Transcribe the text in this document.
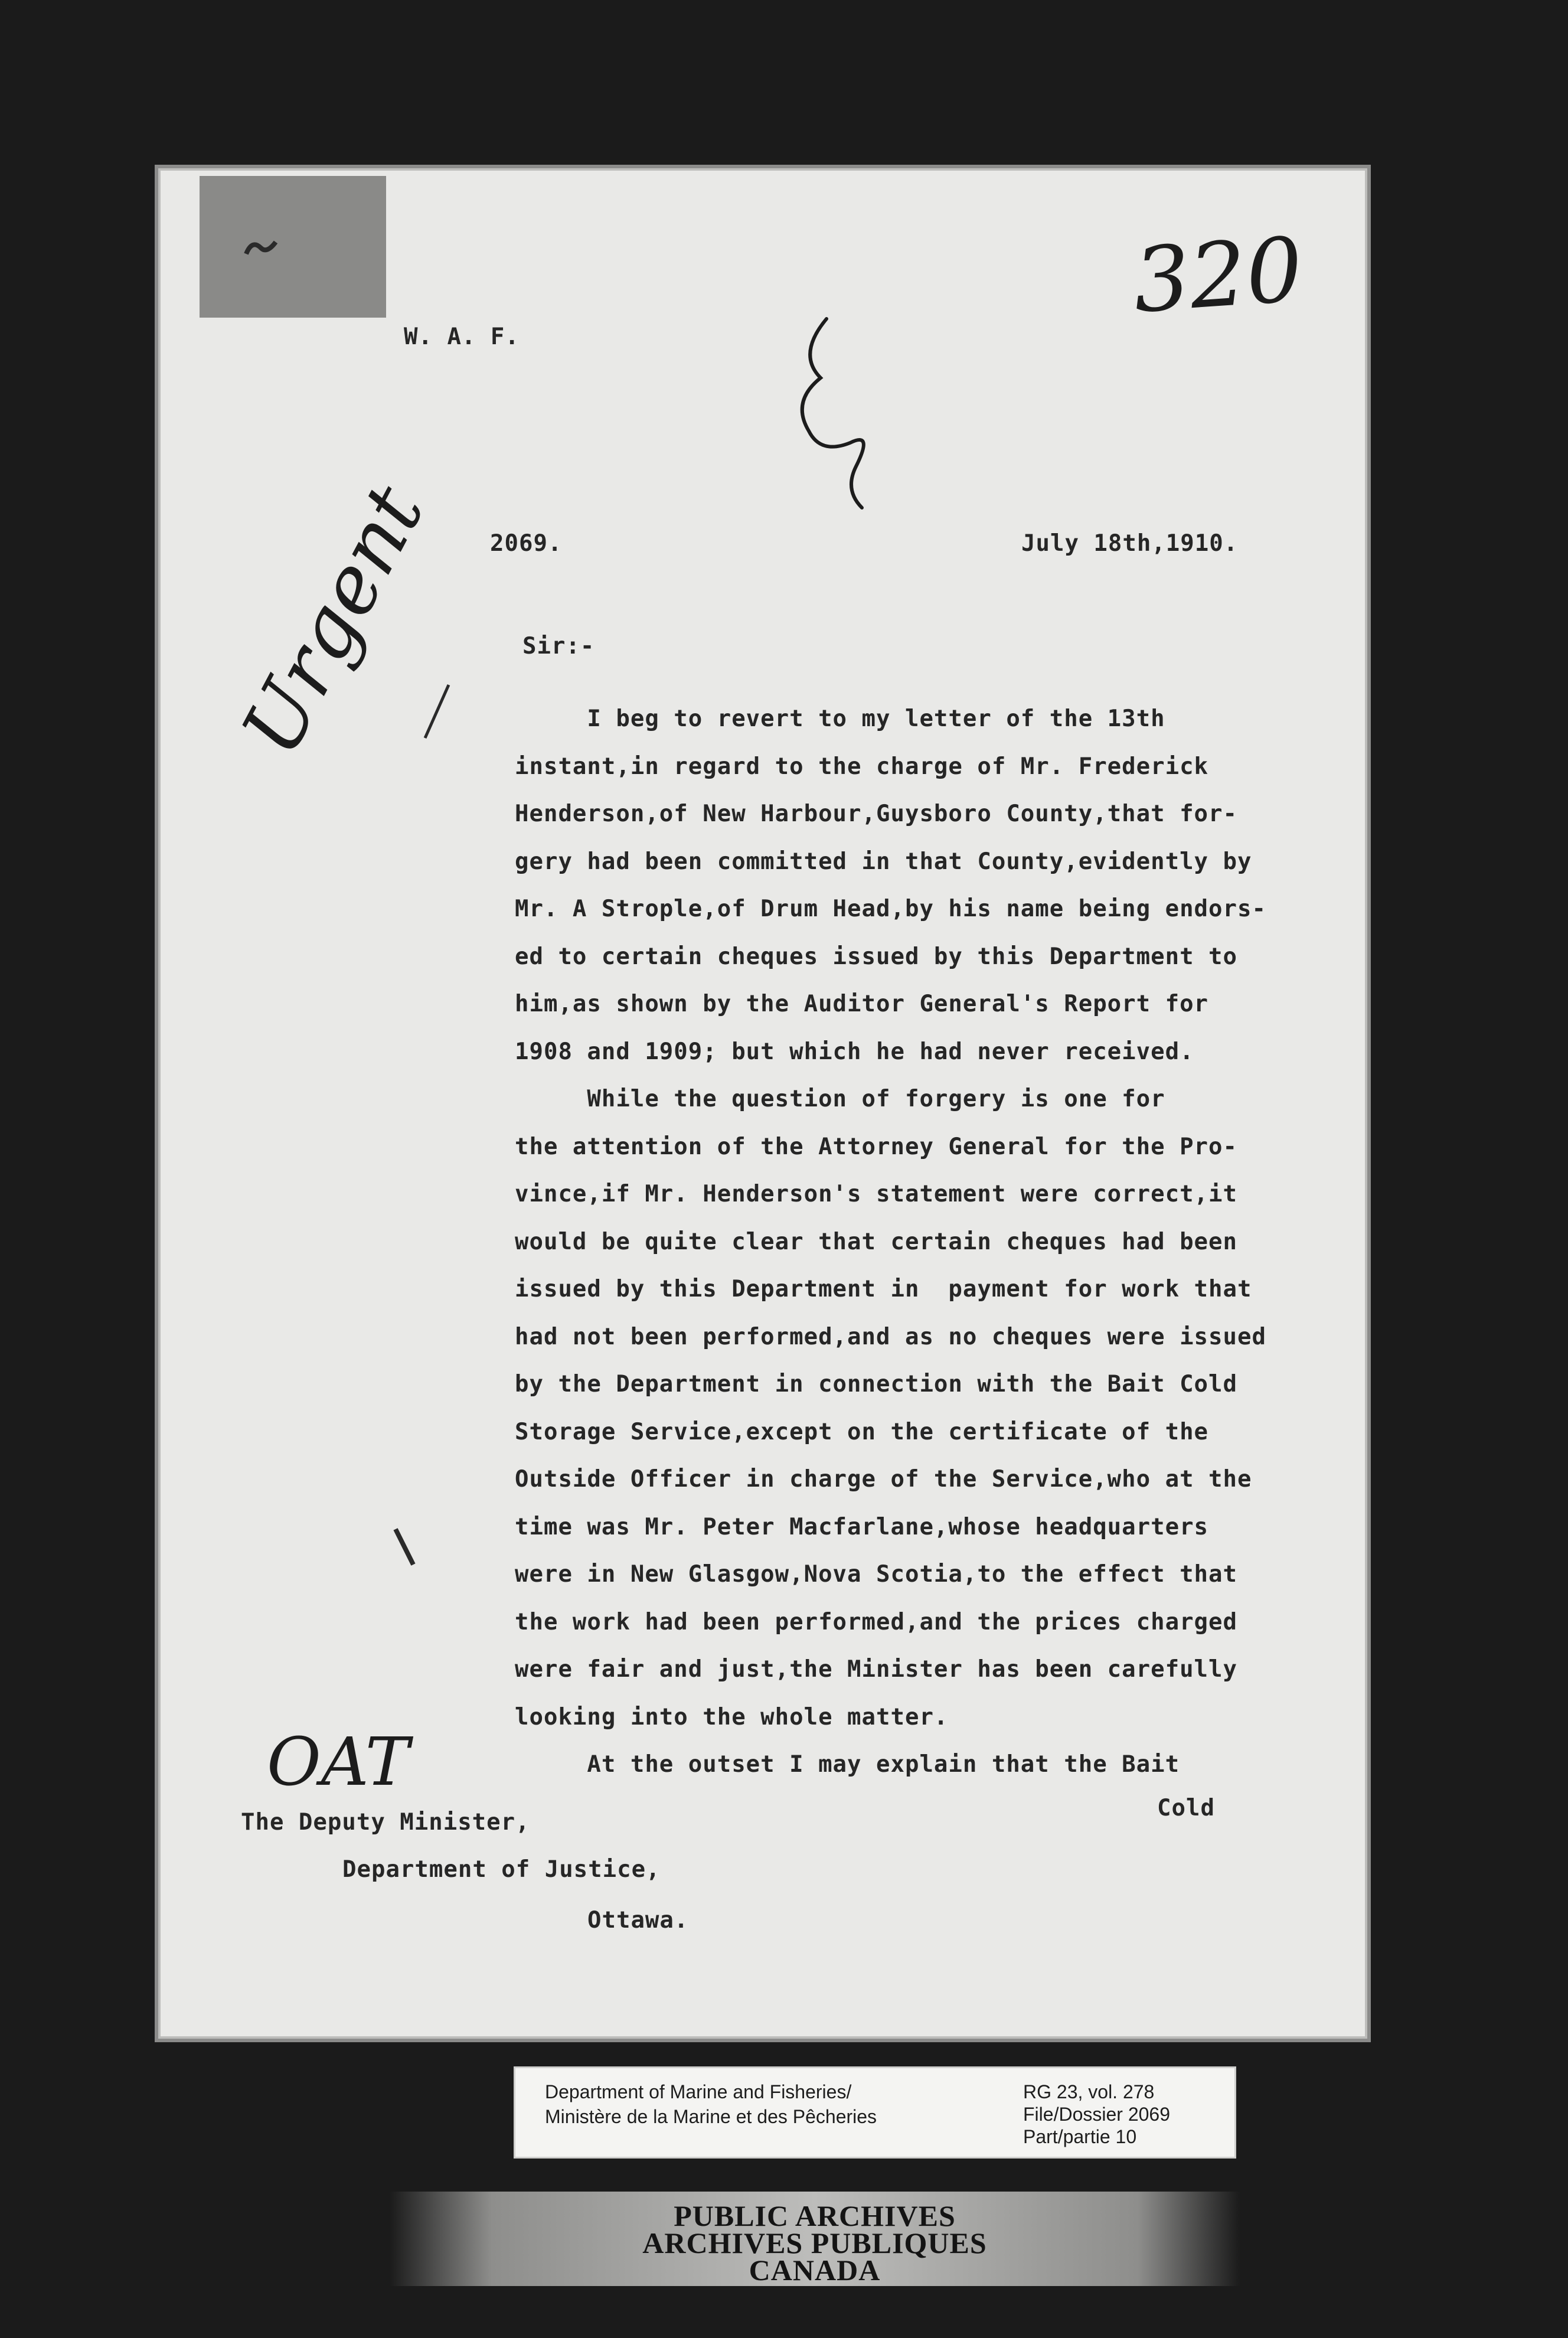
320
W. A. F.
2069.	July 18th,1910.
Sir:-
Urgent	I beg to revert to my letter of the 13th
instant,in regard to the charge of Mr. Frederick
Henderson,of New Harbour,Guysboro County,that for-
gery had been committed in that County,evidently by
Mr. A Strople,of Drum Head,by his name being endors-
ed to certain cheques issued by this Department to
him,as shown by the Auditor General's Report for
1908 and 1909; but which he had never received.
While the question of forgery is one for
the attention of the Attorney General for the Pro-
vince,if Mr. Henderson's statement were correct,it
would be quite clear that certain cheques had been
issued by this Department in  payment for work that
had not been performed,and as no cheques were issued
by the Department in connection with the Bait Cold
Storage Service,except on the certificate of the
Outside Officer in charge of the Service,who at the
time was Mr. Peter Macfarlane,whose headquarters
were in New Glasgow,Nova Scotia,to the effect that
the work had been performed,and the prices charged
were fair and just,the Minister has been carefully
looking into the whole matter.
At the outset I may explain that the Bait
OAT
Cold
The Deputy Minister,
Department of Justice,
Ottawa.
Department of Marine and Fisheries/
Ministère de la Marine et des Pêcheries
RG 23, vol. 278
File/Dossier 2069
Part/partie 10
PUBLIC ARCHIVES
ARCHIVES PUBLIQUES
CANADA
